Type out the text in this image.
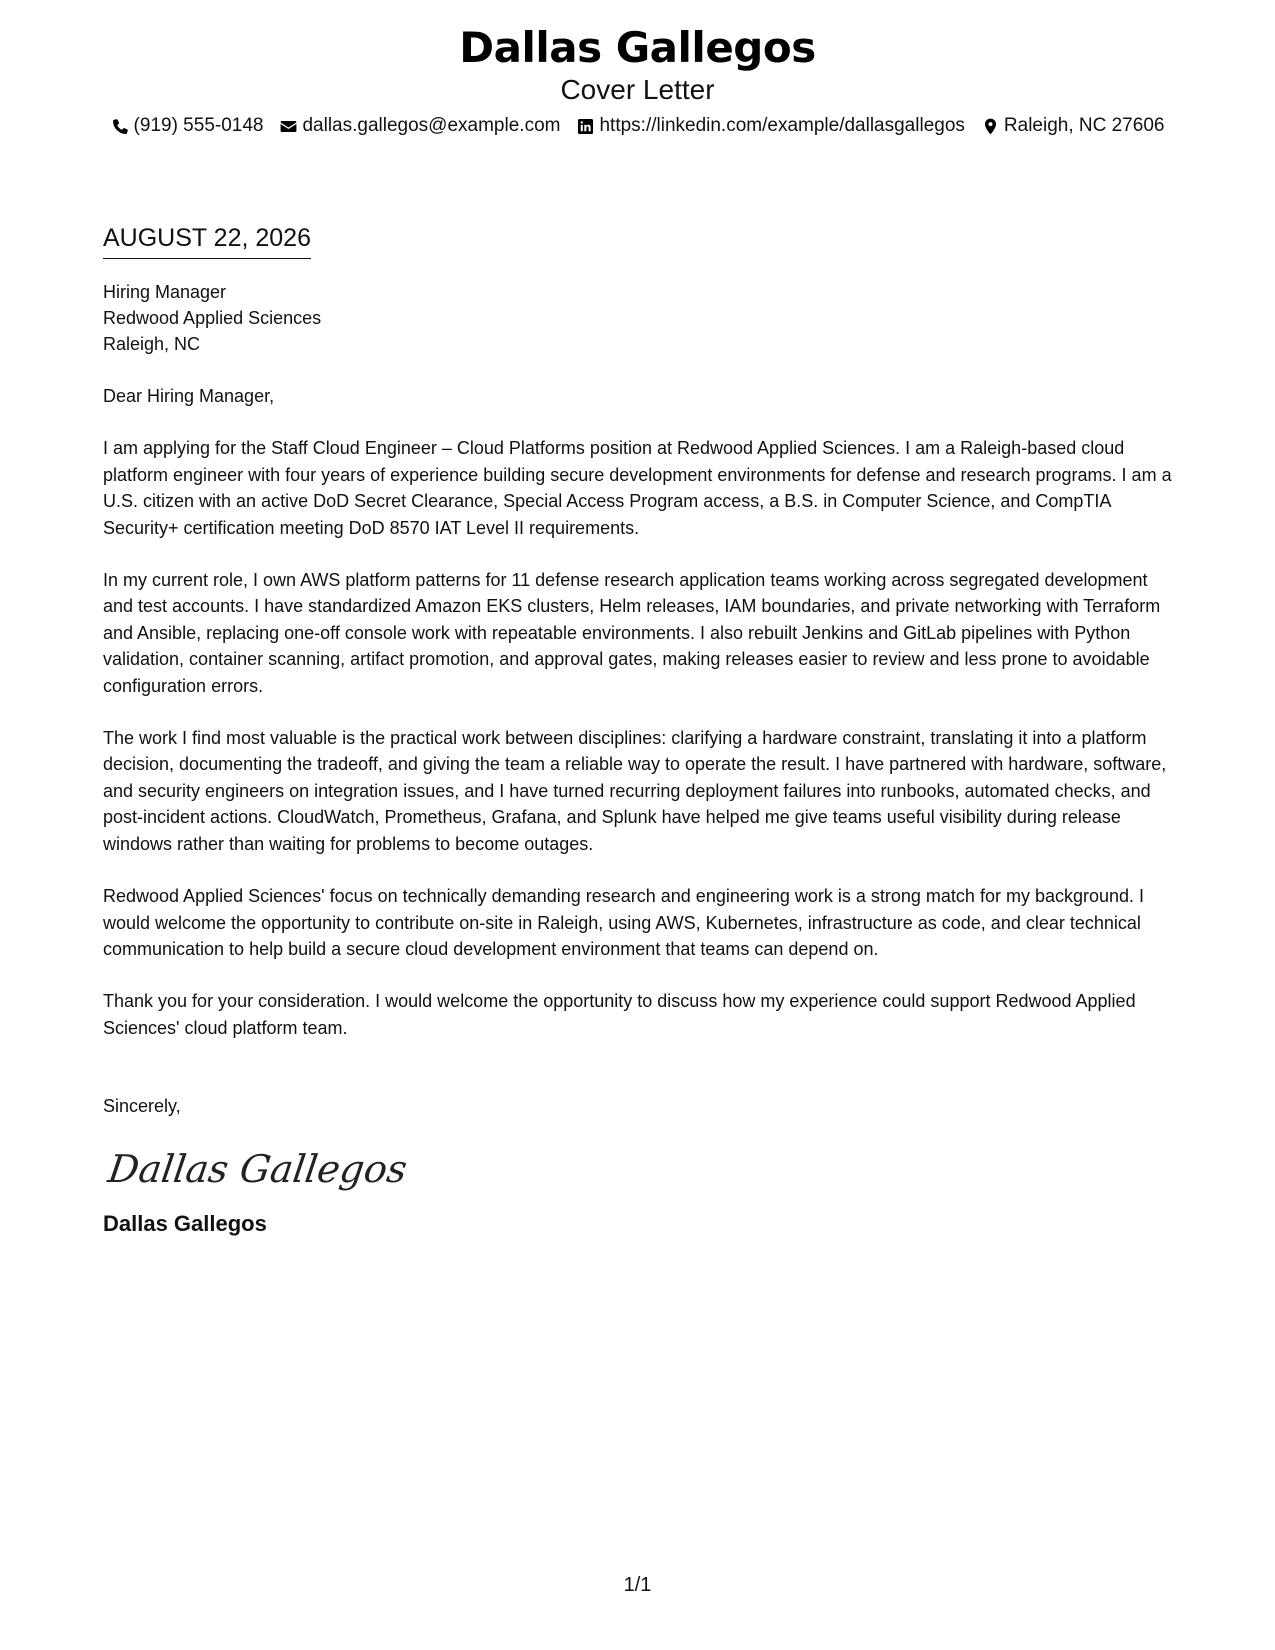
Dallas Gallegos
Cover Letter
(919) 555-0148 dallas.gallegos@example.com https://linkedin.com/example/dallasgallegos Raleigh, NC 27606
AUGUST 22, 2026
Hiring Manager
Redwood Applied Sciences
Raleigh, NC
Dear Hiring Manager,

I am applying for the Staff Cloud Engineer – Cloud Platforms position at Redwood Applied Sciences. I am a Raleigh-based cloud platform engineer with four years of experience building secure development environments for defense and research programs. I am a U.S. citizen with an active DoD Secret Clearance, Special Access Program access, a B.S. in Computer Science, and CompTIA Security+ certification meeting DoD 8570 IAT Level II requirements.

In my current role, I own AWS platform patterns for 11 defense research application teams working across segregated development and test accounts. I have standardized Amazon EKS clusters, Helm releases, IAM boundaries, and private networking with Terraform and Ansible, replacing one-off console work with repeatable environments. I also rebuilt Jenkins and GitLab pipelines with Python validation, container scanning, artifact promotion, and approval gates, making releases easier to review and less prone to avoidable configuration errors.

The work I find most valuable is the practical work between disciplines: clarifying a hardware constraint, translating it into a platform decision, documenting the tradeoff, and giving the team a reliable way to operate the result. I have partnered with hardware, software, and security engineers on integration issues, and I have turned recurring deployment failures into runbooks, automated checks, and post-incident actions. CloudWatch, Prometheus, Grafana, and Splunk have helped me give teams useful visibility during release windows rather than waiting for problems to become outages.

Redwood Applied Sciences' focus on technically demanding research and engineering work is a strong match for my background. I would welcome the opportunity to contribute on-site in Raleigh, using AWS, Kubernetes, infrastructure as code, and clear technical communication to help build a secure cloud development environment that teams can depend on.

Thank you for your consideration. I would welcome the opportunity to discuss how my experience could support Redwood Applied Sciences' cloud platform team.

Sincerely,
Dallas Gallegos
Dallas Gallegos
1/1
